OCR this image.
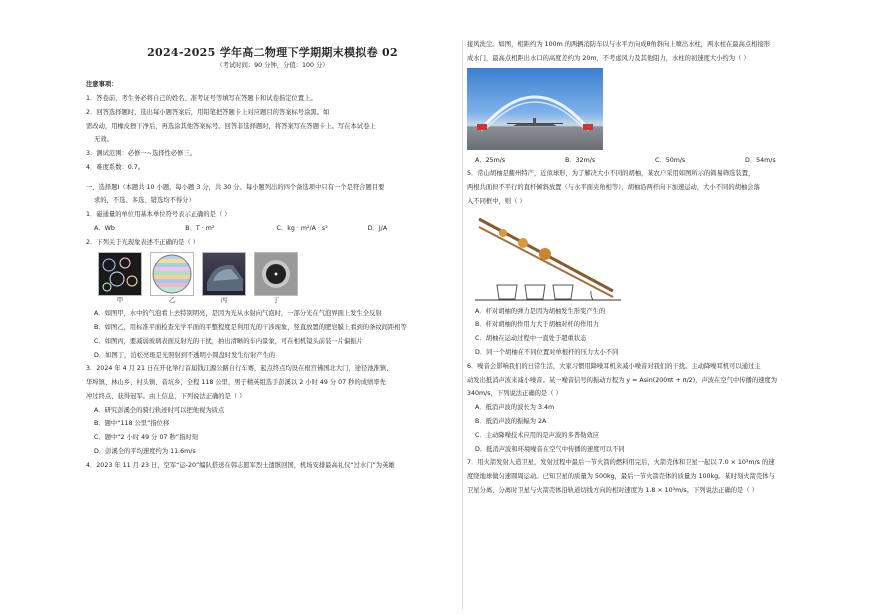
2024-2025 学年高二物理下学期期末模拟卷 02
（考试时间：90 分钟，分值：100 分）
注意事项：
1．答卷前，考生务必将自己的姓名、准考证号等填写在答题卡和试卷指定位置上。
2．回答选择题时，选出每小题答案后，用铅笔把答题卡上对应题目的答案标号涂黑。如
需改动，用橡皮擦干净后，再选涂其他答案标号。回答非选择题时，将答案写在答题卡上。写在本试卷上
无效。
3．测试范围：必修一~选择性必修三。
4．难度系数：0.7。
一、选择题Ⅰ（本题共 10 小题，每小题 3 分，共 30 分。每小题列出的四个备选项中只有一个是符合题目要
求的，不选、多选、错选均不得分）
1．磁通量的单位用基本单位符号表示正确的是（ ）
A．Wb	B．T · m²	C．kg · m²/A · s²	D．J/A
2．下列关于光现象表述不正确的是（ ）
甲	乙	丙	丁
A．如图甲，水中的气泡看上去特别明亮，是因为光从水射向气泡时，一部分光在气泡界面上发生全反射
B．如图乙，用标准平面检查光学平面的平整程度是利用光的干涉现象，竖直放置的肥皂膜上看到的条纹间距相等
C．如图丙，要减弱玻璃表面反射光的干扰，拍出清晰的车内景象，可在相机镜头前装一片偏振片
D．如图丁，泊松亮斑是光照射到不透明小圆盘时发生衍射产生的
3．2024 年 4 月 21 日在开化举行首届钱江源公路自行车赛，起点终点均设在根宫佛国北大门，途径池淮镇、
华埠镇、林山乡、村头镇、音坑乡，全程 118 公里，男子精英组选手彭溪以 2 小时 49 分 07 秒的成绩率先
冲过终点，获得冠军。由上信息，下列说法正确的是（ ）
A．研究彭溪全的骑行轨迹时可以把他视为质点
B．题中“118 公里”指位移
C．题中“2 小时 49 分 07 秒”指时刻
D．彭溪全的平均速度约为 11.6m/s
4．2023 年 11 月 23 日，空军“运-20”编队搭送在韩志愿军烈士遗骸回国，机场安排最高礼仪“过水门”为英雄
接风洗尘。如图，相距约为 100m 的两辆消防车以与水平方向成θ角斜向上喷出水柱，两水柱在最高点相接形
成水门，最高点相距出水口的高度差约为 20m，不考虑风力及其他阻力，水柱的初速度大小约为（ ）
A．25m/s	B．32m/s	C．50m/s	D．54m/s
5．常山胡柚是衢州特产，近似球形，为了解决大小不同的胡柚，某农户采用如图所示的简易筛选装置，
两根共面但不平行的直杆倾斜放置（与水平面夹角相等），胡柚沿两杆向下加速运动，大小不同的胡柚会落
入不同框中，则（ ）
A．杆对胡柚的弹力是因为胡柚发生形变产生的
B．杆对胡柚的作用力大于胡柚对杆的作用力
C．胡柚在运动过程中一直处于超重状态
D．同一个胡柚在不同位置对单根杆的压力大小不同
6．噪音会影响我们的日常生活，大家习惯用降噪耳机来减小噪音对我们的干扰。主动降噪耳机可以通过主
动发出抵消声波来减小噪音。某一噪音信号的振动方程为 y = Asin(200πt + π/2)，声波在空气中传播的速度为
340m/s，下列说法正确的是（ ）
A．抵消声波的波长为 3.4m
B．抵消声波的振幅为 2A
C．主动降噪技术应用的是声波的多普勒效应
D．抵消声波和环境噪音在空气中传播的速度可以不同
7．用火箭发射人造卫星，发射过程中最后一节火箭的燃料用完后，火箭壳体和卫星一起以 7.0 × 10³m/s 的速
度绕地球做匀速圆周运动。已知卫星的质量为 500kg，最后一节火箭壳体的质量为 100kg。某时刻火箭壳体与
卫星分离，分离时卫星与火箭壳体沿轨道切线方向的相对速度为 1.8 × 10³m/s。下列说法正确的是（ ）
